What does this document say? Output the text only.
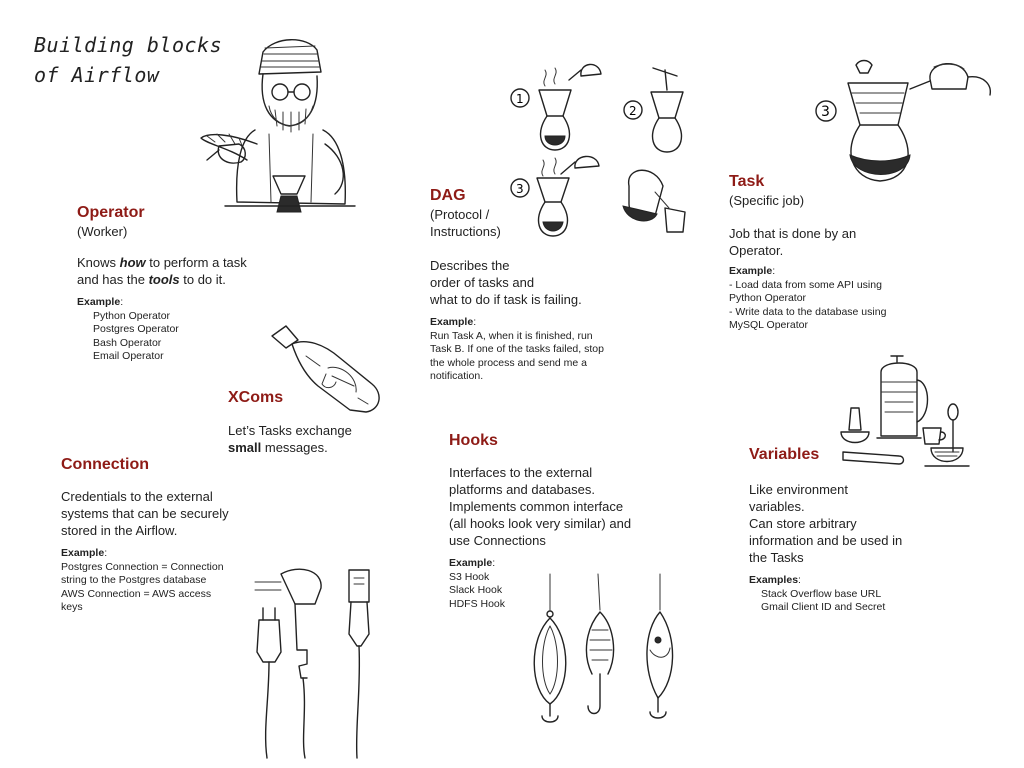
Building blocks
of Airflow
1
2
3
3
Operator
(Worker)
Knows how to perform a task
and has the tools to do it.
Example:
Python Operator
Postgres Operator
Bash Operator
Email Operator
DAG
(Protocol /
Instructions)
Describes the
order of tasks and
what to do if task is failing.
Example:
Run Task A, when it is finished, run
Task B. If one of the tasks failed, stop
the whole process and send me a
notification.
Task
(Specific job)
Job that is done by an
Operator.
Example:
- Load data from some API using
Python Operator
- Write data to the database using
MySQL Operator
XComs
Let’s Tasks exchange
small messages.
Connection
Credentials to the external
systems that can be securely
stored in the Airflow.
Example:
Postgres Connection = Connection
string to the Postgres database
AWS Connection = AWS access
keys
Hooks
Interfaces to the external
platforms and databases.
Implements common interface
(all hooks look very similar) and
use Connections
Example:
S3 Hook
Slack Hook
HDFS Hook
Variables
Like environment
variables.
Can store arbitrary
information and be used in
the Tasks
Examples:
Stack Overflow base URL
Gmail Client ID and Secret
